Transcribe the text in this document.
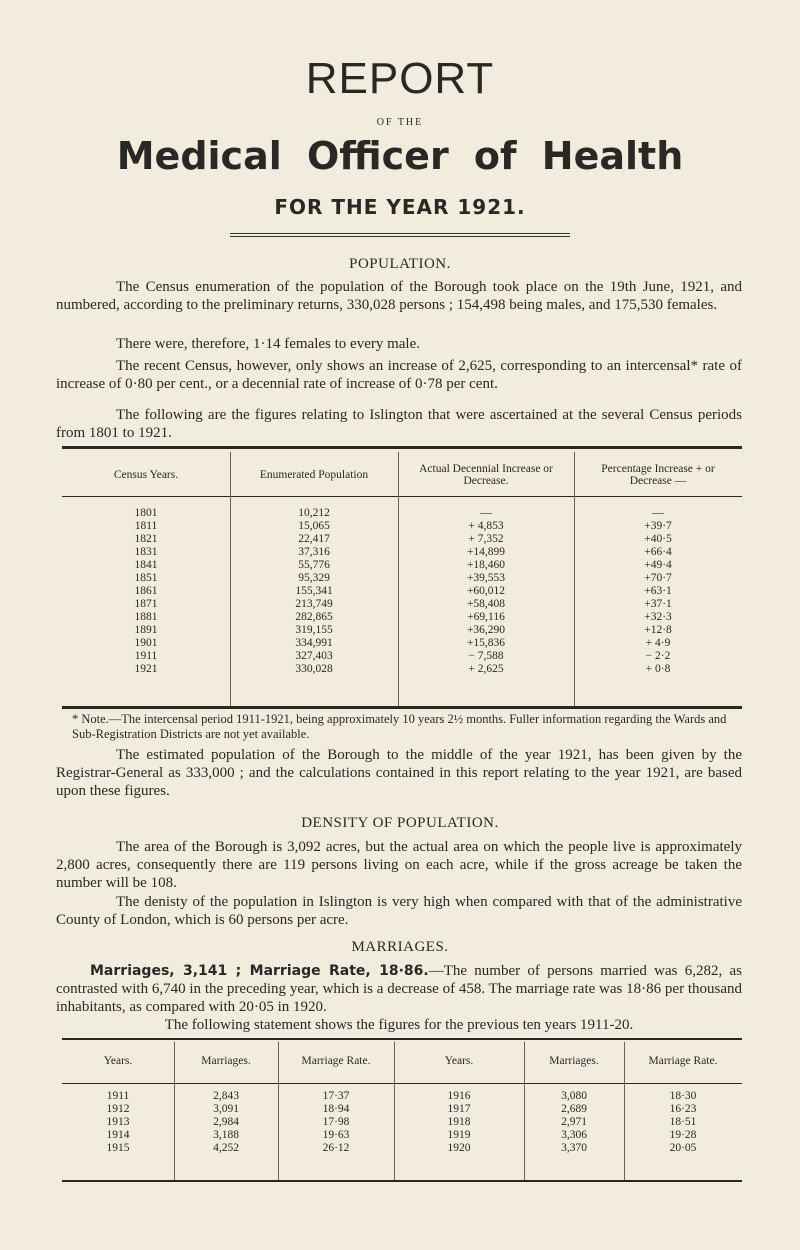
REPORT
OF THE
Medical Officer of Health
FOR THE YEAR 1921.
POPULATION.
The Census enumeration of the population of the Borough took place on the 19th June, 1921, and numbered, according to the preliminary returns, 330,028 persons ; 154,498 being males, and 175,530 females.
There were, therefore, 1·14 females to every male.
The recent Census, however, only shows an increase of 2,625, corresponding to an intercensal* rate of increase of 0·80 per cent., or a decennial rate of increase of 0·78 per cent.
The following are the figures relating to Islington that were ascertained at the several Census periods from 1801 to 1921.
Census Years.	Enumerated Population	Actual Decennial Increase or Decrease.	Percentage Increase + or Decrease —
1801	10,212	—	—
1811	15,065	+ 4,853	+39·7
1821	22,417	+ 7,352	+40·5
1831	37,316	+14,899	+66·4
1841	55,776	+18,460	+49·4
1851	95,329	+39,553	+70·7
1861	155,341	+60,012	+63·1
1871	213,749	+58,408	+37·1
1881	282,865	+69,116	+32·3
1891	319,155	+36,290	+12·8
1901	334,991	+15,836	+ 4·9
1911	327,403	− 7,588	− 2·2
1921	330,028	+ 2,625	+ 0·8
* Note.—The intercensal period 1911-1921, being approximately 10 years 2½ months. Fuller information regarding the Wards and Sub-Registration Districts are not yet available.
The estimated population of the Borough to the middle of the year 1921, has been given by the Registrar-General as 333,000 ; and the calculations contained in this report relating to the year 1921, are based upon these figures.
DENSITY OF POPULATION.
The area of the Borough is 3,092 acres, but the actual area on which the people live is approximately 2,800 acres, consequently there are 119 persons living on each acre, while if the gross acreage be taken the number will be 108.
The denisty of the population in Islington is very high when compared with that of the administrative County of London, which is 60 persons per acre.
MARRIAGES.
Marriages, 3,141 ; Marriage Rate, 18·86.—The number of persons married was 6,282, as contrasted with 6,740 in the preceding year, which is a decrease of 458. The marriage rate was 18·86 per thousand inhabitants, as compared with 20·05 in 1920.
The following statement shows the figures for the previous ten years 1911-20.
Years.	Marriages.	Marriage Rate.	Years.	Marriages.	Marriage Rate.
1911	2,843	17·37	1916	3,080	18·30
1912	3,091	18·94	1917	2,689	16·23
1913	2,984	17·98	1918	2,971	18·51
1914	3,188	19·63	1919	3,306	19·28
1915	4,252	26·12	1920	3,370	20·05
